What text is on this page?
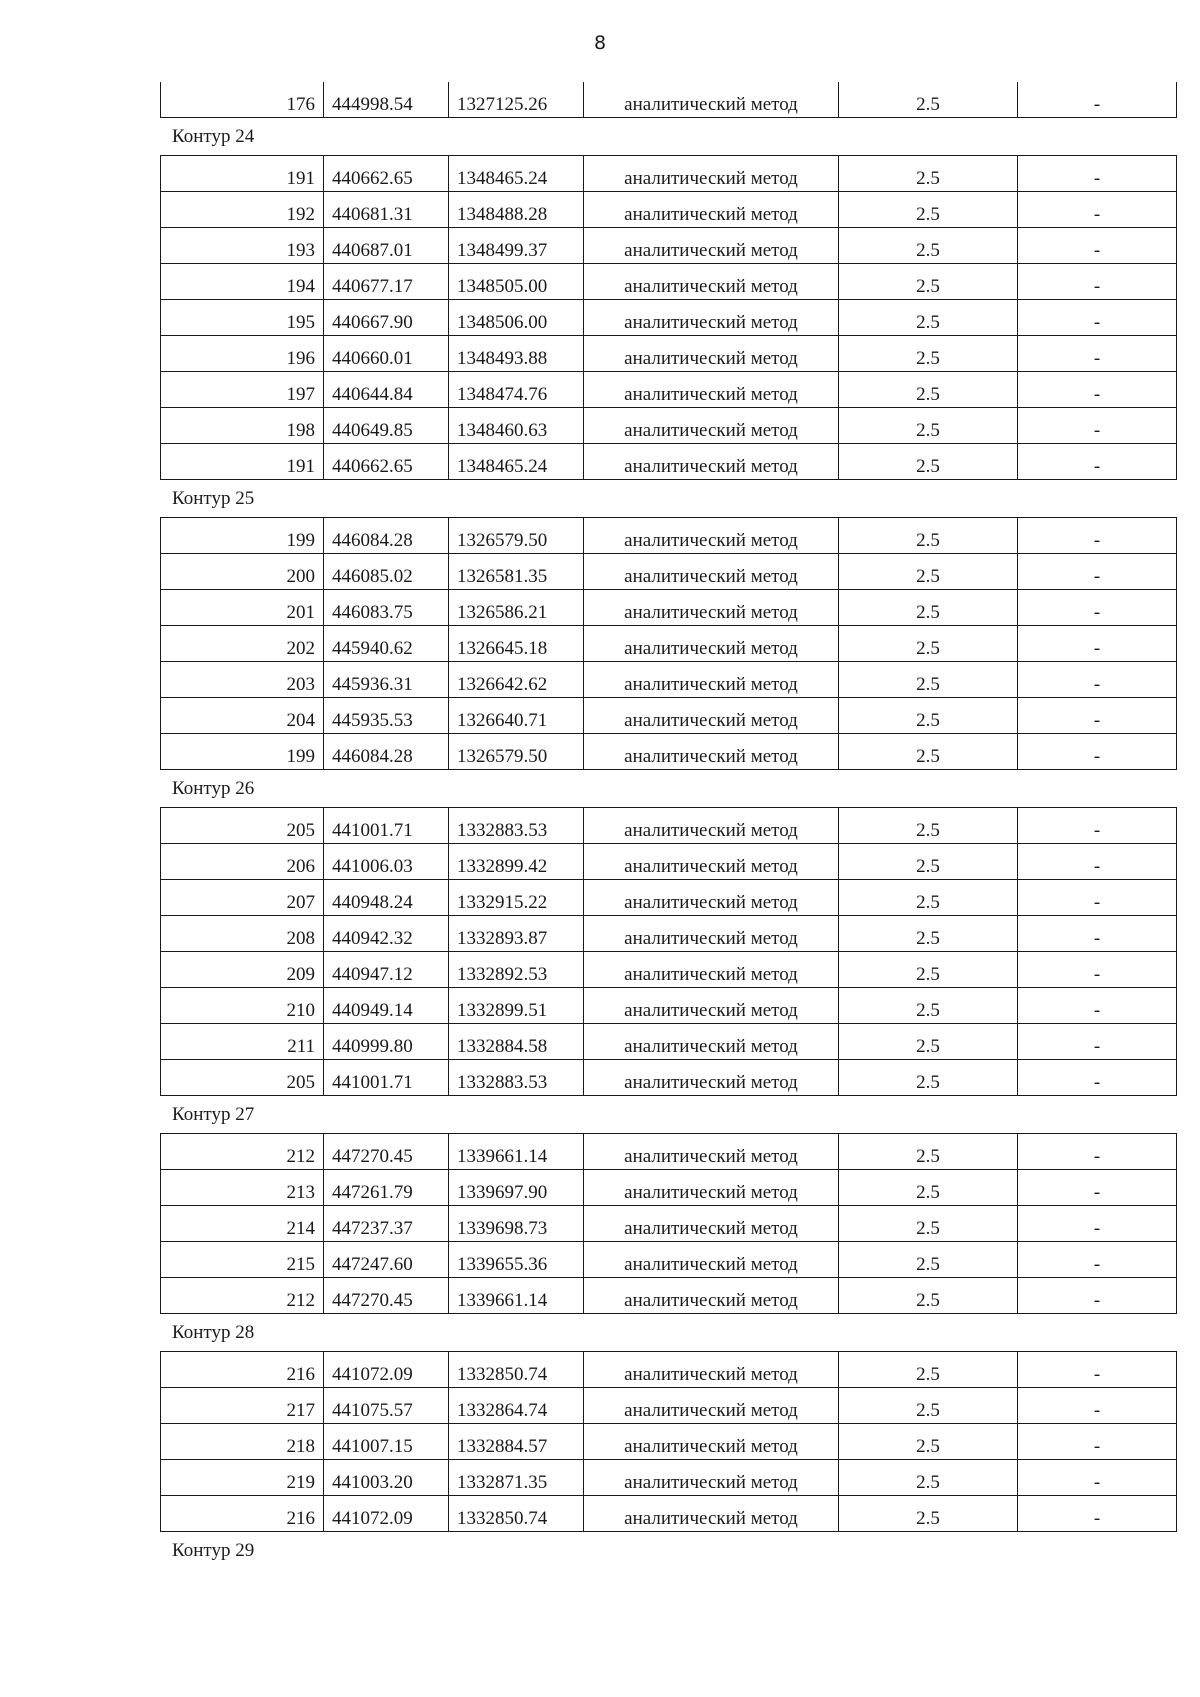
8
176	444998.54	1327125.26	аналитический метод	2.5	-
Контур 24
191	440662.65	1348465.24	аналитический метод	2.5	-
192	440681.31	1348488.28	аналитический метод	2.5	-
193	440687.01	1348499.37	аналитический метод	2.5	-
194	440677.17	1348505.00	аналитический метод	2.5	-
195	440667.90	1348506.00	аналитический метод	2.5	-
196	440660.01	1348493.88	аналитический метод	2.5	-
197	440644.84	1348474.76	аналитический метод	2.5	-
198	440649.85	1348460.63	аналитический метод	2.5	-
191	440662.65	1348465.24	аналитический метод	2.5	-
Контур 25
199	446084.28	1326579.50	аналитический метод	2.5	-
200	446085.02	1326581.35	аналитический метод	2.5	-
201	446083.75	1326586.21	аналитический метод	2.5	-
202	445940.62	1326645.18	аналитический метод	2.5	-
203	445936.31	1326642.62	аналитический метод	2.5	-
204	445935.53	1326640.71	аналитический метод	2.5	-
199	446084.28	1326579.50	аналитический метод	2.5	-
Контур 26
205	441001.71	1332883.53	аналитический метод	2.5	-
206	441006.03	1332899.42	аналитический метод	2.5	-
207	440948.24	1332915.22	аналитический метод	2.5	-
208	440942.32	1332893.87	аналитический метод	2.5	-
209	440947.12	1332892.53	аналитический метод	2.5	-
210	440949.14	1332899.51	аналитический метод	2.5	-
211	440999.80	1332884.58	аналитический метод	2.5	-
205	441001.71	1332883.53	аналитический метод	2.5	-
Контур 27
212	447270.45	1339661.14	аналитический метод	2.5	-
213	447261.79	1339697.90	аналитический метод	2.5	-
214	447237.37	1339698.73	аналитический метод	2.5	-
215	447247.60	1339655.36	аналитический метод	2.5	-
212	447270.45	1339661.14	аналитический метод	2.5	-
Контур 28
216	441072.09	1332850.74	аналитический метод	2.5	-
217	441075.57	1332864.74	аналитический метод	2.5	-
218	441007.15	1332884.57	аналитический метод	2.5	-
219	441003.20	1332871.35	аналитический метод	2.5	-
216	441072.09	1332850.74	аналитический метод	2.5	-
Контур 29
